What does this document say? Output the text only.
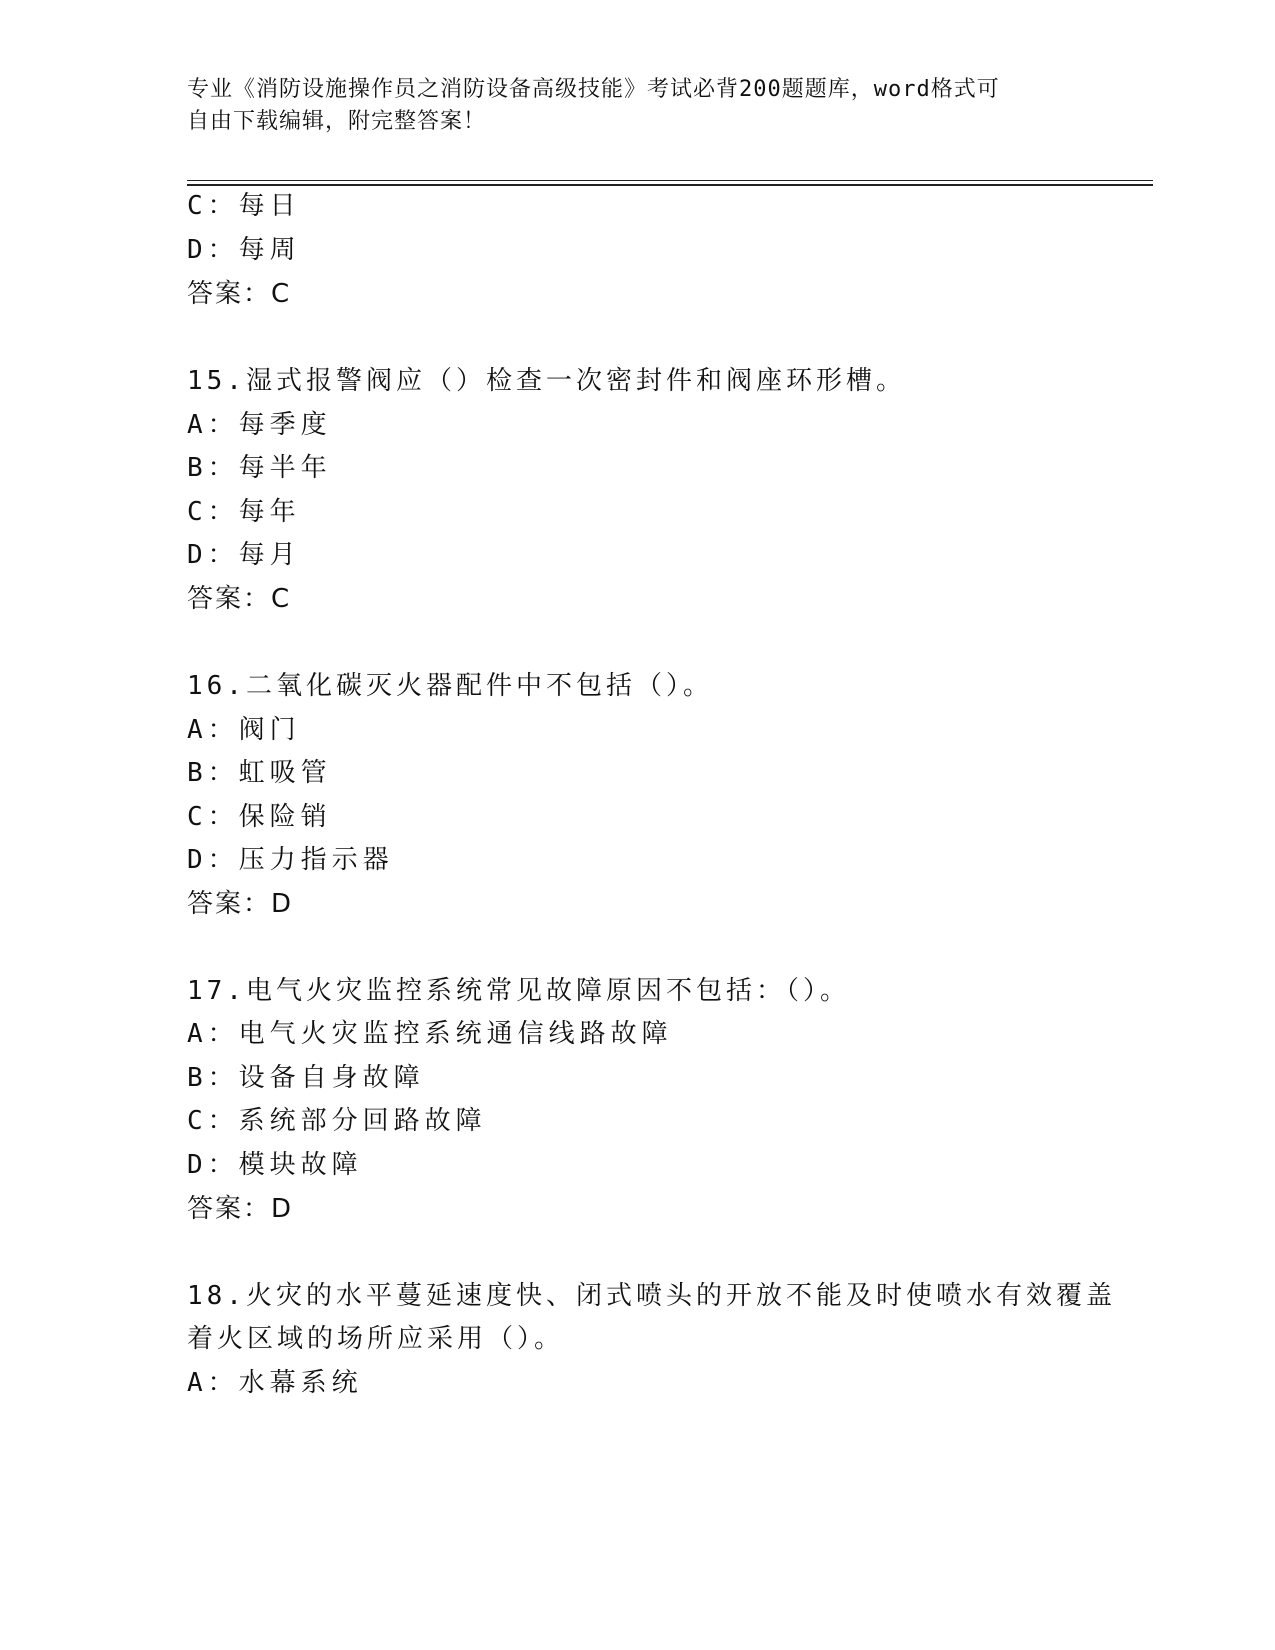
专业《消防设施操作员之消防设备高级技能》考试必背200题题库，word格式可
自由下载编辑，附完整答案！
C：每日
D：每周
答案：C
15.湿式报警阀应（）检查一次密封件和阀座环形槽。
A：每季度
B：每半年
C：每年
D：每月
答案：C
16.二氧化碳灭火器配件中不包括（）。
A：阀门
B：虹吸管
C：保险销
D：压力指示器
答案：D
17.电气火灾监控系统常见故障原因不包括：（）。
A：电气火灾监控系统通信线路故障
B：设备自身故障
C：系统部分回路故障
D：模块故障
答案：D
18.火灾的水平蔓延速度快、闭式喷头的开放不能及时使喷水有效覆盖
着火区域的场所应采用（）。
A：水幕系统
